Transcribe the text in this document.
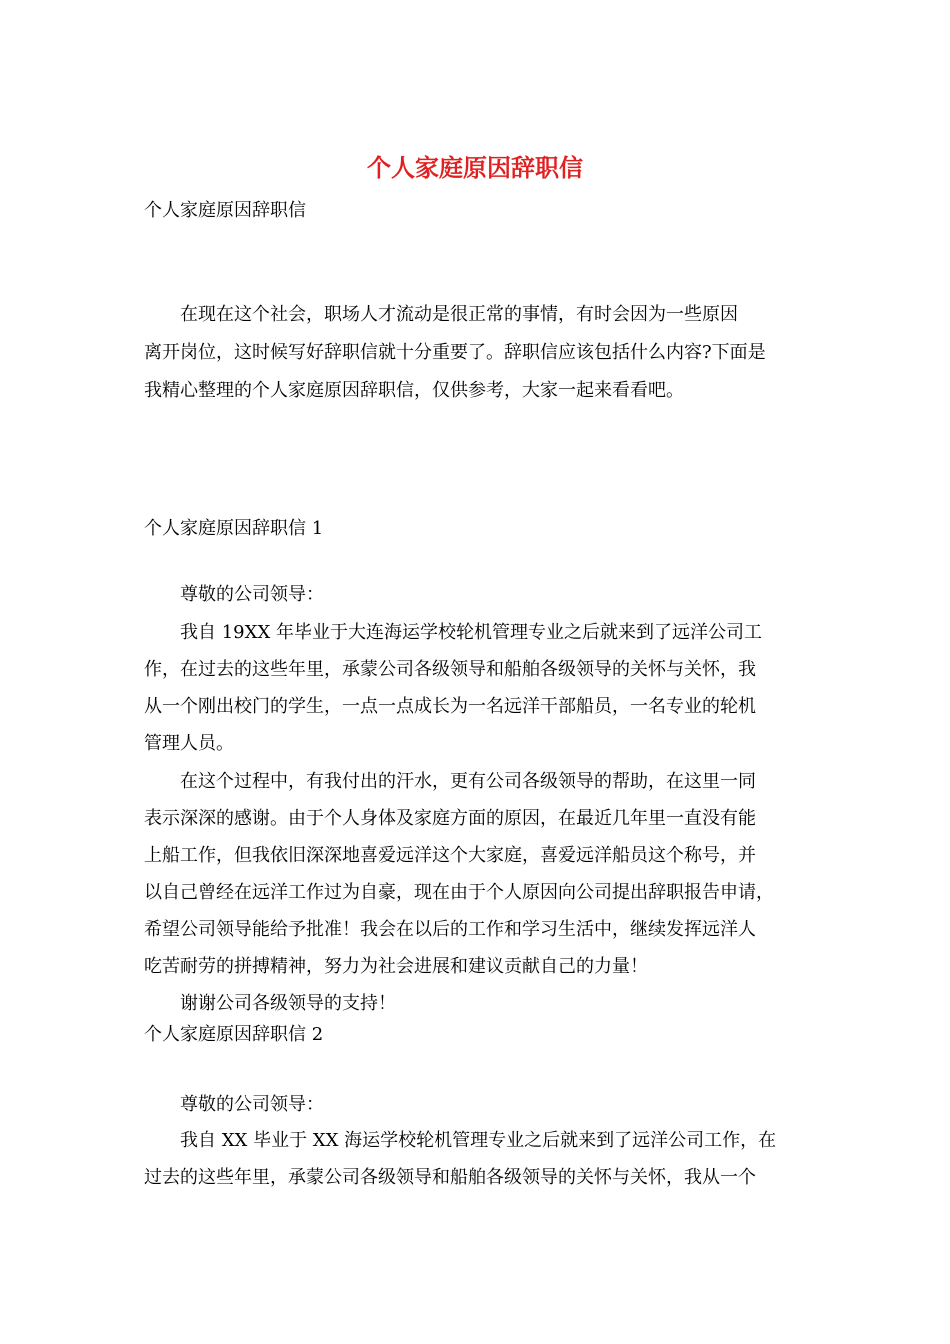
个人家庭原因辞职信
个人家庭原因辞职信
　　在现在这个社会，职场人才流动是很正常的事情，有时会因为一些原因
离开岗位，这时候写好辞职信就十分重要了。辞职信应该包括什么内容?下面是
我精心整理的个人家庭原因辞职信，仅供参考，大家一起来看看吧。
个人家庭原因辞职信 1
　　尊敬的公司领导：
　　我自 19XX 年毕业于大连海运学校轮机管理专业之后就来到了远洋公司工
作，在过去的这些年里，承蒙公司各级领导和船舶各级领导的关怀与关怀，我
从一个刚出校门的学生，一点一点成长为一名远洋干部船员，一名专业的轮机
管理人员。
　　在这个过程中，有我付出的汗水，更有公司各级领导的帮助，在这里一同
表示深深的感谢。由于个人身体及家庭方面的原因，在最近几年里一直没有能
上船工作，但我依旧深深地喜爱远洋这个大家庭，喜爱远洋船员这个称号，并
以自己曾经在远洋工作过为自豪，现在由于个人原因向公司提出辞职报告申请，
希望公司领导能给予批准！我会在以后的工作和学习生活中，继续发挥远洋人
吃苦耐劳的拼搏精神，努力为社会进展和建议贡献自己的力量！
　　谢谢公司各级领导的支持！
个人家庭原因辞职信 2
　　尊敬的公司领导：
　　我自 XX 毕业于 XX 海运学校轮机管理专业之后就来到了远洋公司工作，在
过去的这些年里，承蒙公司各级领导和船舶各级领导的关怀与关怀，我从一个
